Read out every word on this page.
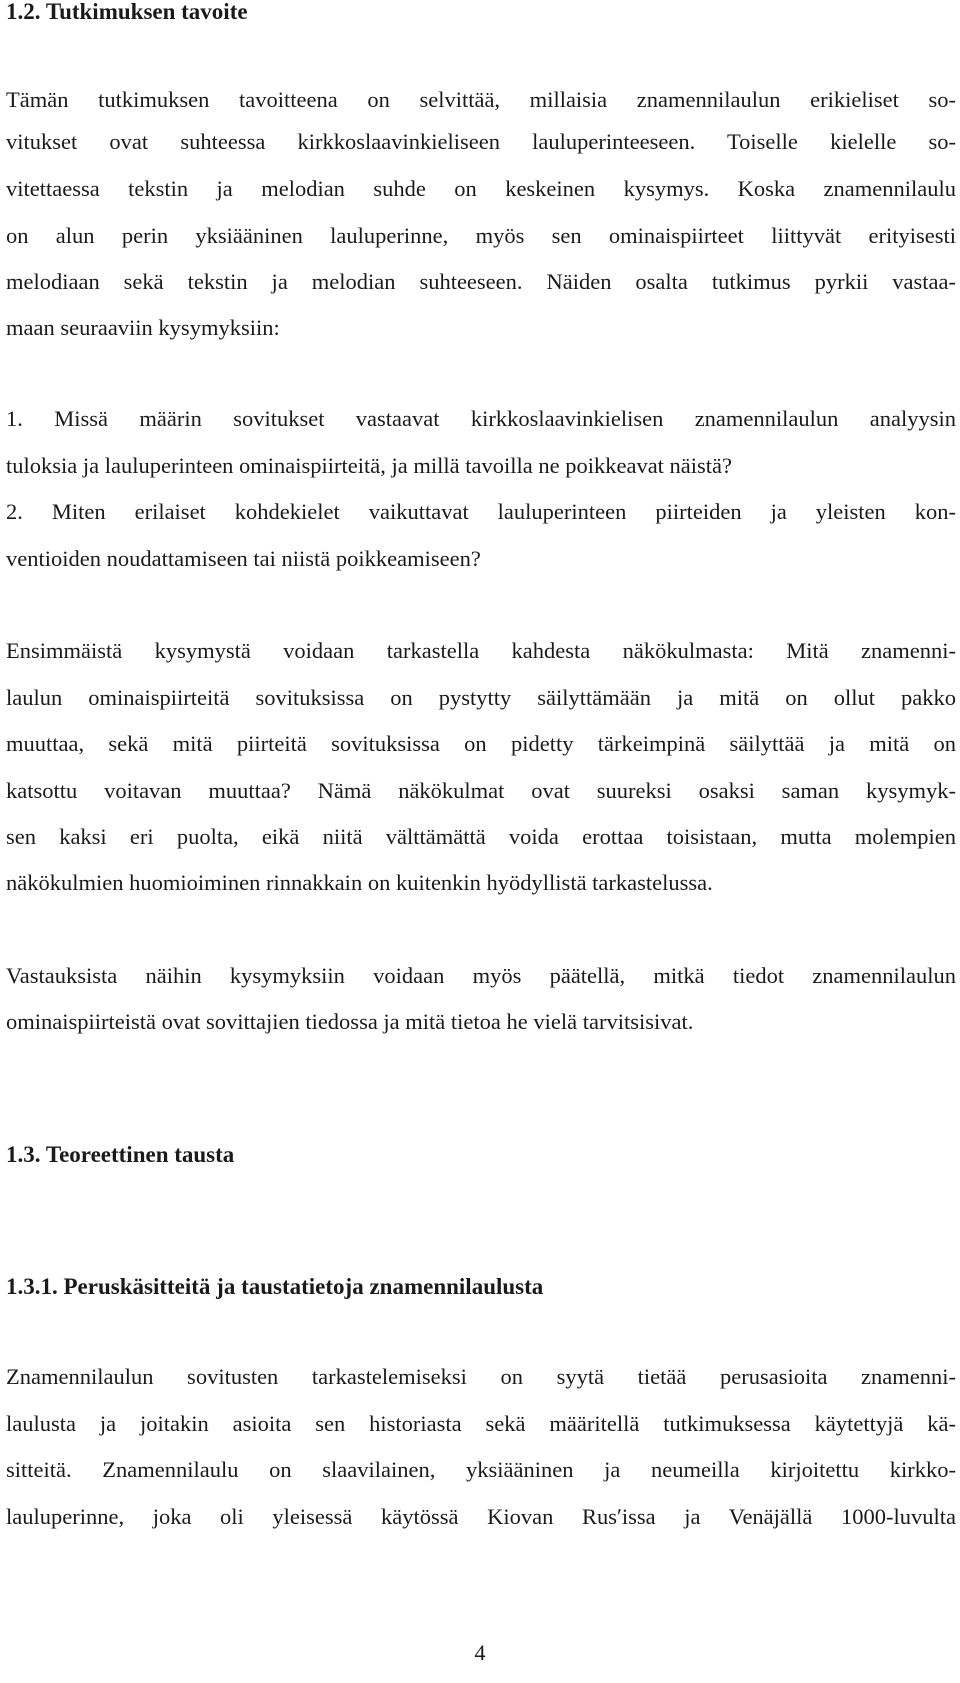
1.2. Tutkimuksen tavoite
Tämän tutkimuksen tavoitteena on selvittää, millaisia znamennilaulun erikieliset so-
vitukset ovat suhteessa kirkkoslaavinkieliseen lauluperinteeseen. Toiselle kielelle so-
vitettaessa tekstin ja melodian suhde on keskeinen kysymys. Koska znamennilaulu
on alun perin yksiääninen lauluperinne, myös sen ominaispiirteet liittyvät erityisesti
melodiaan sekä tekstin ja melodian suhteeseen. Näiden osalta tutkimus pyrkii vastaa-
maan seuraaviin kysymyksiin:
1. Missä määrin sovitukset vastaavat kirkkoslaavinkielisen znamennilaulun analyysin
tuloksia ja lauluperinteen ominaispiirteitä, ja millä tavoilla ne poikkeavat näistä?
2. Miten erilaiset kohdekielet vaikuttavat lauluperinteen piirteiden ja yleisten kon-
ventioiden noudattamiseen tai niistä poikkeamiseen?
Ensimmäistä kysymystä voidaan tarkastella kahdesta näkökulmasta: Mitä znamenni-
laulun ominaispiirteitä sovituksissa on pystytty säilyttämään ja mitä on ollut pakko
muuttaa, sekä mitä piirteitä sovituksissa on pidetty tärkeimpinä säilyttää ja mitä on
katsottu voitavan muuttaa? Nämä näkökulmat ovat suureksi osaksi saman kysymyk-
sen kaksi eri puolta, eikä niitä välttämättä voida erottaa toisistaan, mutta molempien
näkökulmien huomioiminen rinnakkain on kuitenkin hyödyllistä tarkastelussa.
Vastauksista näihin kysymyksiin voidaan myös päätellä, mitkä tiedot znamennilaulun
ominaispiirteistä ovat sovittajien tiedossa ja mitä tietoa he vielä tarvitsisivat.
1.3. Teoreettinen tausta
1.3.1. Peruskäsitteitä ja taustatietoja znamennilaulusta
Znamennilaulun sovitusten tarkastelemiseksi on syytä tietää perusasioita znamenni-
laulusta ja joitakin asioita sen historiasta sekä määritellä tutkimuksessa käytettyjä kä-
sitteitä. Znamennilaulu on slaavilainen, yksiääninen ja neumeilla kirjoitettu kirkko-
lauluperinne, joka oli yleisessä käytössä Kiovan Rusʹissa ja Venäjällä 1000-luvulta
4
